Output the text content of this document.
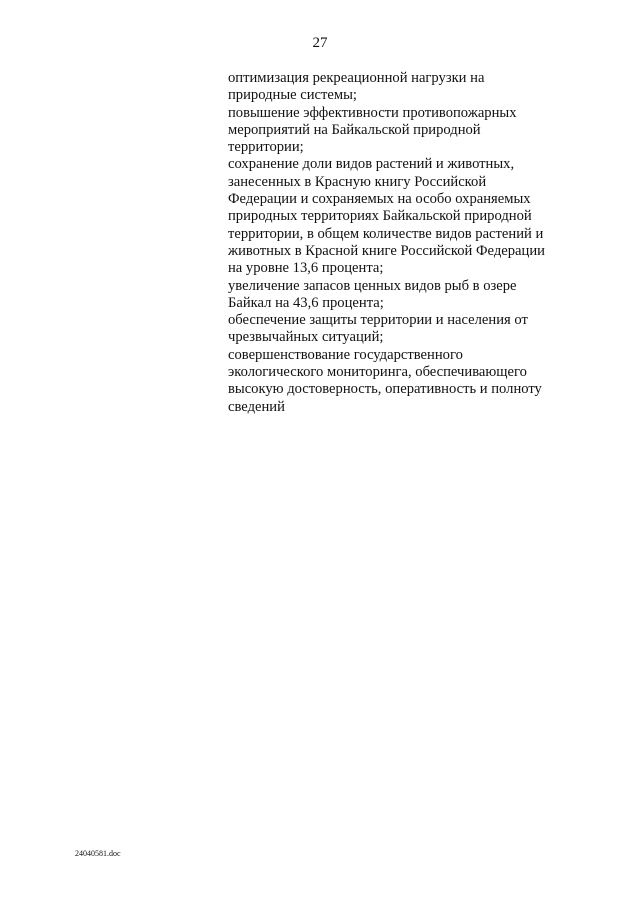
27
оптимизация рекреационной нагрузки на
природные системы;
повышение эффективности противопожарных
мероприятий на Байкальской природной
территории;
сохранение доли видов растений и животных,
занесенных в Красную книгу Российской
Федерации и сохраняемых на особо охраняемых
природных территориях Байкальской природной
территории, в общем количестве видов растений и
животных в Красной книге Российской Федерации
на уровне 13,6 процента;
увеличение запасов ценных видов рыб в озере
Байкал на 43,6 процента;
обеспечение защиты территории и населения от
чрезвычайных ситуаций;
совершенствование государственного
экологического мониторинга, обеспечивающего
высокую достоверность, оперативность и полноту
сведений
24040581.doc
